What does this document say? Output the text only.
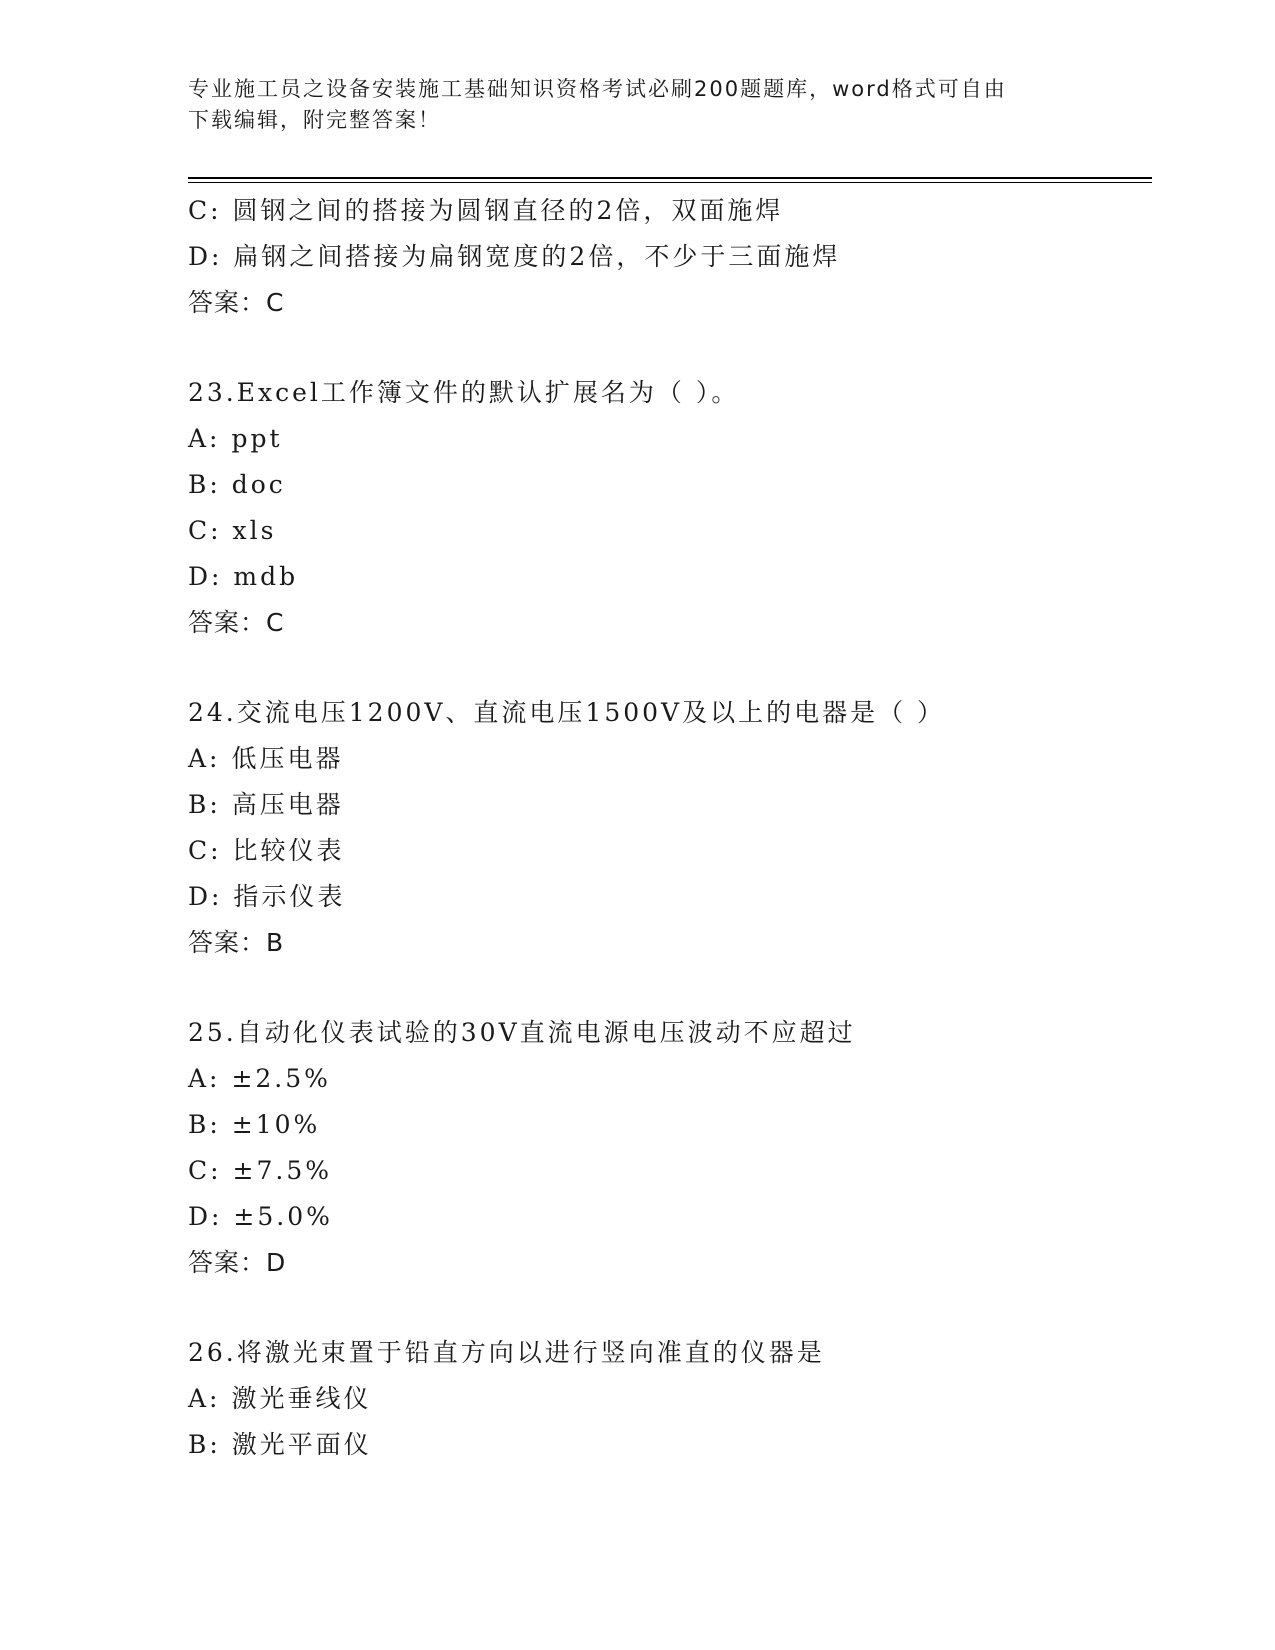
专业施工员之设备安装施工基础知识资格考试必刷200题题库，word格式可自由
下载编辑，附完整答案！
C: 圆钢之间的搭接为圆钢直径的2倍，双面施焊
D: 扁钢之间搭接为扁钢宽度的2倍，不少于三面施焊
答案：C
23.Excel工作簿文件的默认扩展名为（ ）。
A: ppt
B: doc
C: xls
D: mdb
答案：C
24.交流电压1200V、直流电压1500V及以上的电器是（ ）
A: 低压电器
B: 高压电器
C: 比较仪表
D: 指示仪表
答案：B
25.自动化仪表试验的30V直流电源电压波动不应超过
A: ±2.5%
B: ±10%
C: ±7.5%
D: ±5.0%
答案：D
26.将激光束置于铅直方向以进行竖向准直的仪器是
A: 激光垂线仪
B: 激光平面仪
